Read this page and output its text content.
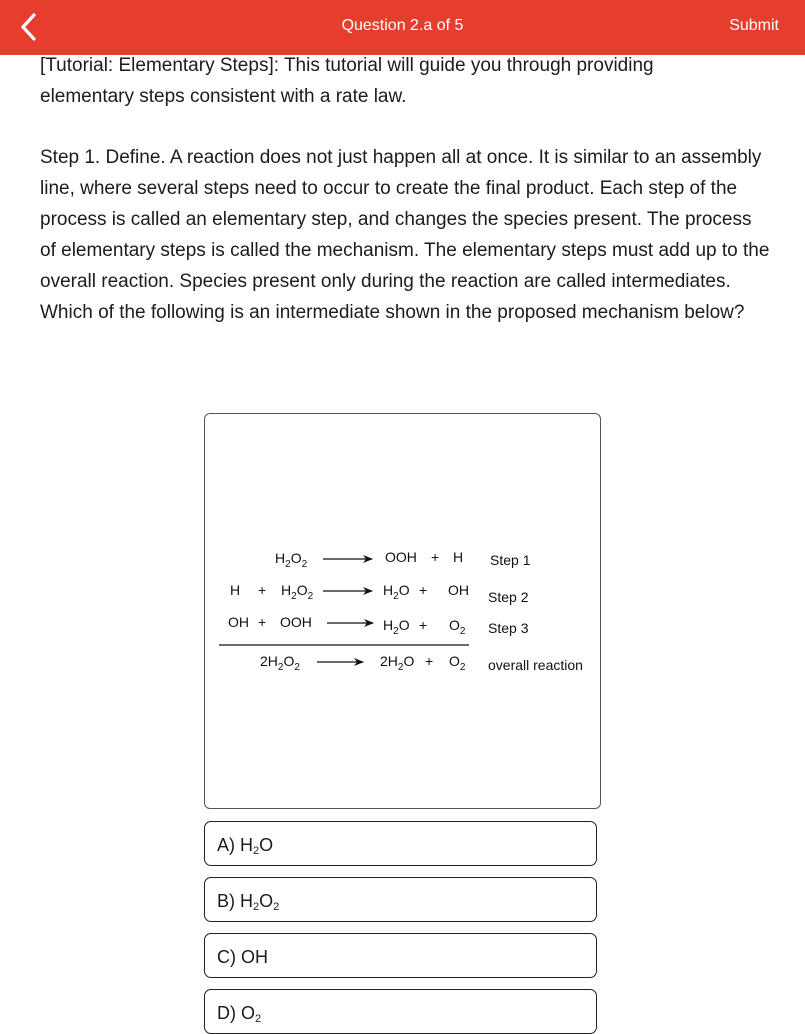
Question 2.a of 5	Submit
[Tutorial: Elementary Steps]: This tutorial will guide you through providing elementary steps consistent with a rate law.
Step 1. Define. A reaction does not just happen all at once. It is similar to an assembly line, where several steps need to occur to create the final product. Each step of the process is called an elementary step, and changes the species present. The process of elementary steps is called the mechanism. The elementary steps must add up to the overall reaction. Species present only during the reaction are called intermediates. Which of the following is an intermediate shown in the proposed mechanism below?
$H_2O_2$	OOH + H Step 1
$H + H_2O_2$	$H_2O$ + OH Step 2
OH + OOH	$H_2O + O_2$ Step 3
$2H_2O_2$	$2H_2O + O_2$ overall reaction
A) $H_2O$
B) $H_2O_2$
C) OH
D) $O_2$
